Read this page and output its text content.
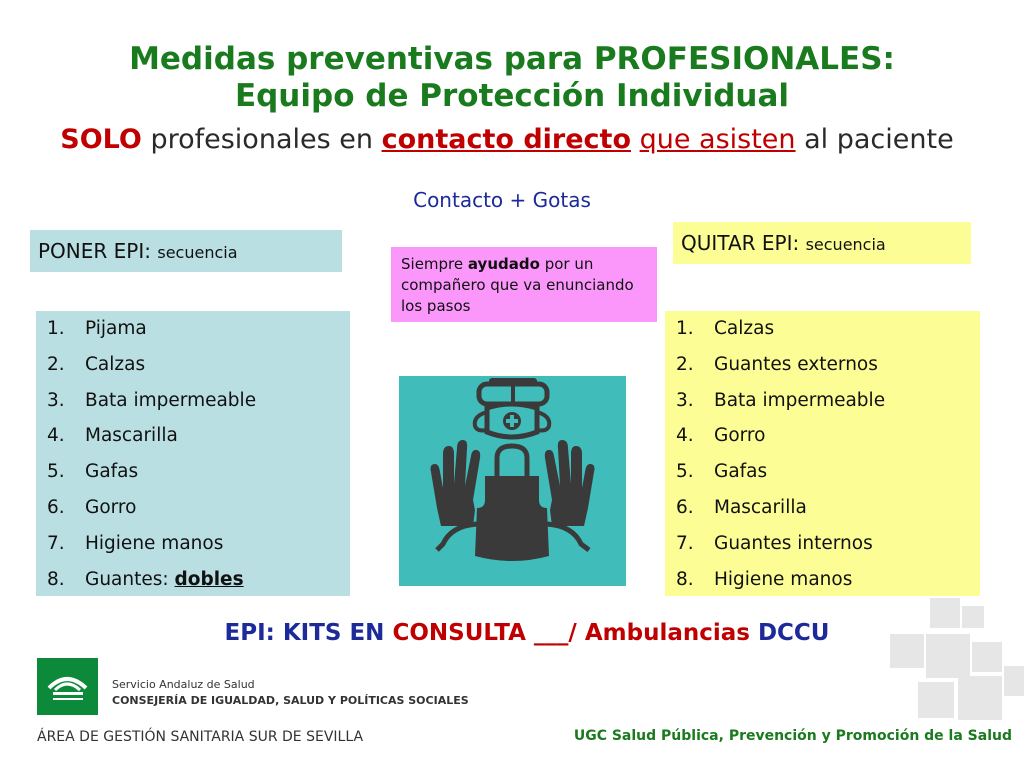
Medidas preventivas para PROFESIONALES:
Equipo de Protección Individual
SOLO profesionales en contacto directo que asisten al paciente
Contacto + Gotas
PONER EPI: secuencia	QUITAR EPI: secuencia
Siempre ayudado por un compañero que va enunciando los pasos
1. Pijama
2. Calzas
3. Bata impermeable
4. Mascarilla
5. Gafas
6. Gorro
7. Higiene manos
8. Guantes: dobles
1. Calzas
2. Guantes externos
3. Bata impermeable
4. Gorro
5. Gafas
6. Mascarilla
7. Guantes internos
8. Higiene manos
EPI: KITS EN CONSULTA ___/ Ambulancias DCCU
Servicio Andaluz de Salud
CONSEJERÍA DE IGUALDAD, SALUD Y POLÍTICAS SOCIALES
ÁREA DE GESTIÓN SANITARIA SUR DE SEVILLA	UGC Salud Pública, Prevención y Promoción de la Salud
